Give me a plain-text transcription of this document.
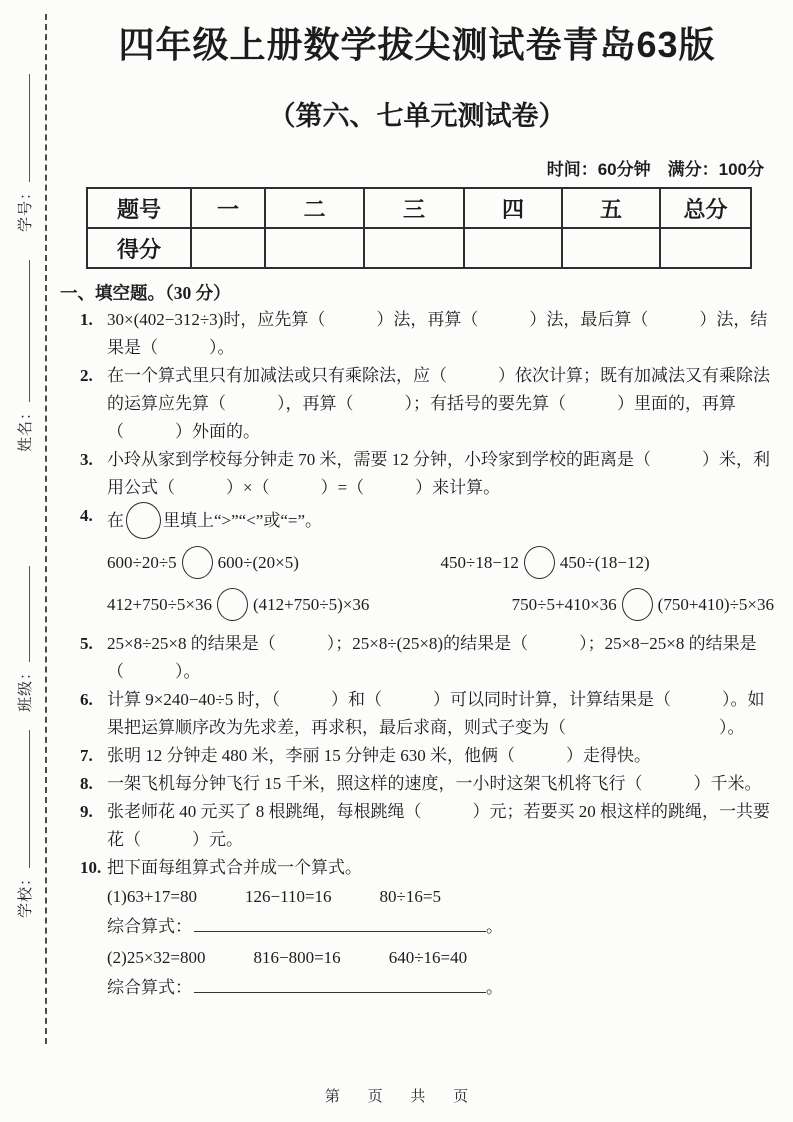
学号：
姓名：
班级：
学校：
四年级上册数学拔尖测试卷青岛63版
（第六、七单元测试卷）
时间：60分钟　满分：100分
题号	一	二	三	四	五	总分
得分						
一、填空题。（30 分）
1. 30×(402−312÷3)时，应先算（　　　）法，再算（　　　）法，最后算（　　　）法，结果是（　　　）。
2. 在一个算式里只有加减法或只有乘除法，应（　　　）依次计算；既有加减法又有乘除法的运算应先算（　　　），再算（　　　）；有括号的要先算（　　　）里面的，再算（　　　）外面的。
3. 小玲从家到学校每分钟走 70 米，需要 12 分钟，小玲家到学校的距离是（　　　）米，利用公式（　　　）×（　　　）=（　　　）来计算。
4. 在 里填上“>”“<”或“=”。
600÷20÷5 600÷(20×5)	450÷18−12 450÷(18−12)
412+750÷5×36 (412+750÷5)×36	750÷5+410×36 (750+410)÷5×36
5. 25×8÷25×8 的结果是（　　　）；25×8÷(25×8)的结果是（　　　）；25×8−25×8 的结果是（　　　）。
6. 计算 9×240−40÷5 时，（　　　）和（　　　）可以同时计算，计算结果是（　　　）。如果把运算顺序改为先求差，再求积，最后求商，则式子变为（　　　　　　　　　）。
7. 张明 12 分钟走 480 米，李丽 15 分钟走 630 米，他俩（　　　）走得快。
8. 一架飞机每分钟飞行 15 千米，照这样的速度，一小时这架飞机将飞行（　　　）千米。
9. 张老师花 40 元买了 8 根跳绳，每根跳绳（　　　）元；若要买 20 根这样的跳绳，一共要花（　　　）元。
10. 把下面每组算式合并成一个算式。
(1)63+17=80	126−110=16	80÷16=5
综合算式：	。
(2)25×32=800	816−800=16	640÷16=40
综合算式：	。
第 页 共 页
